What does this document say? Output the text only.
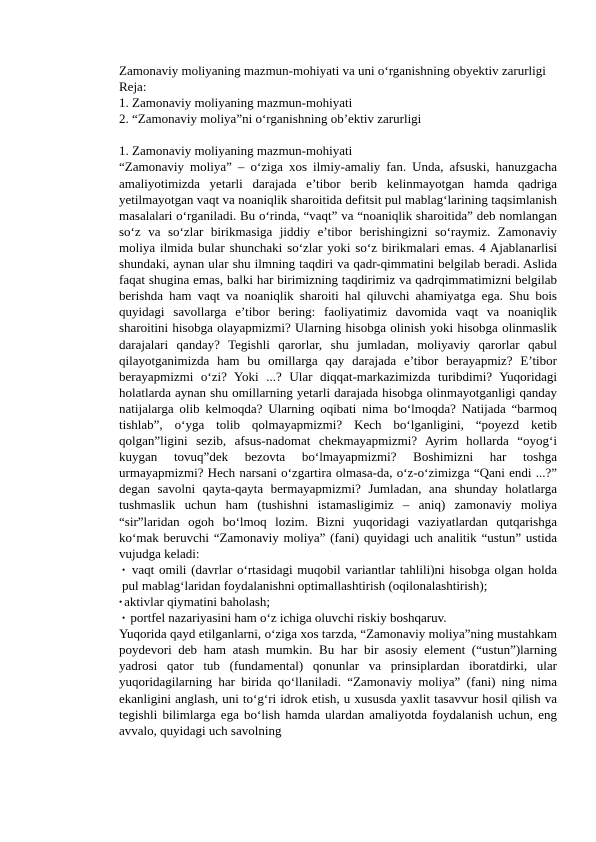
Zamonaviy moliyaning mazmun-mohiyati va uni o‘rganishning obyektiv zarurligi

Reja:

1. Zamonaviy moliyaning mazmun-mohiyati

2. “Zamonaviy moliya”ni o‘rganishning ob’ektiv zarurligi

1. Zamonaviy moliyaning mazmun-mohiyati

“Zamonaviy moliya” – o‘ziga xos ilmiy-amaliy fan. Unda, afsuski, hanuzgacha amaliyotimizda yetarli darajada e’tibor berib kelinmayotgan hamda qadriga yetilmayotgan vaqt va noaniqlik sharoitida defitsit pul mablag‘larining taqsimlanish masalalari o‘rganiladi. Bu o‘rinda, “vaqt” va “noaniqlik sharoitida” deb nomlangan so‘z va so‘zlar birikmasiga jiddiy e’tibor berishingizni so‘raymiz. Zamonaviy moliya ilmida bular shunchaki so‘zlar yoki so‘z birikmalari emas. 4 Ajablanarlisi shundaki, aynan ular shu ilmning taqdiri va qadr-qimmatini belgilab beradi. Aslida faqat shugina emas, balki har birimizning taqdirimiz va qadrqimmatimizni belgilab berishda ham vaqt va noaniqlik sharoiti hal qiluvchi ahamiyatga ega. Shu bois quyidagi savollarga e’tibor bering: faoliyatimiz davomida vaqt va noaniqlik sharoitini hisobga olayapmizmi? Ularning hisobga olinish yoki hisobga olinmaslik darajalari qanday? Tegishli qarorlar, shu jumladan, moliyaviy qarorlar qabul qilayotganimizda ham bu omillarga qay darajada e’tibor berayapmiz? E’tibor berayapmizmi o‘zi? Yoki ...? Ular diqqat-markazimizda turibdimi? Yuqoridagi holatlarda aynan shu omillarning yetarli darajada hisobga olinmayotganligi qanday natijalarga olib kelmoqda? Ularning oqibati nima bo‘lmoqda? Natijada “barmoq tishlab”, o‘yga tolib qolmayapmizmi? Kech bo‘lganligini, “poyezd ketib qolgan”ligini sezib, afsus-nadomat chekmayapmizmi? Ayrim hollarda “oyog‘i kuygan tovuq”dek bezovta bo‘lmayapmizmi? Boshimizni har toshga urmayapmizmi? Hech narsani o‘zgartira olmasa-da, o‘z-o‘zimizga “Qani endi ...?” degan savolni qayta-qayta bermayapmizmi? Jumladan, ana shunday holatlarga tushmaslik uchun ham (tushishni istamasligimiz – aniq) zamonaviy moliya “sir”laridan ogoh bo‘lmoq lozim. Bizni yuqoridagi vaziyatlardan qutqarishga ko‘mak beruvchi “Zamonaviy moliya” (fani) quyidagi uch analitik “ustun” ustida vujudga keladi:

• vaqt omili (davrlar o‘rtasidagi muqobil variantlar tahlili)ni hisobga olgan holda pul mablag‘laridan foydalanishni optimallashtirish (oqilonalashtirish);

• aktivlar qiymatini baholash;

• portfel nazariyasini ham o‘z ichiga oluvchi riskiy boshqaruv.

Yuqorida qayd etilganlarni, o‘ziga xos tarzda, “Zamonaviy moliya”ning mustahkam poydevori deb ham atash mumkin. Bu har bir asosiy element (“ustun”)larning yadrosi qator tub (fundamental) qonunlar va prinsiplardan iboratdirki, ular yuqoridagilarning har birida qo‘llaniladi. “Zamonaviy moliya” (fani) ning nima ekanligini anglash, uni to‘g‘ri idrok etish, u xususda yaxlit tasavvur hosil qilish va tegishli bilimlarga ega bo‘lish hamda ulardan amaliyotda foydalanish uchun, eng avvalo, quyidagi uch savolning
